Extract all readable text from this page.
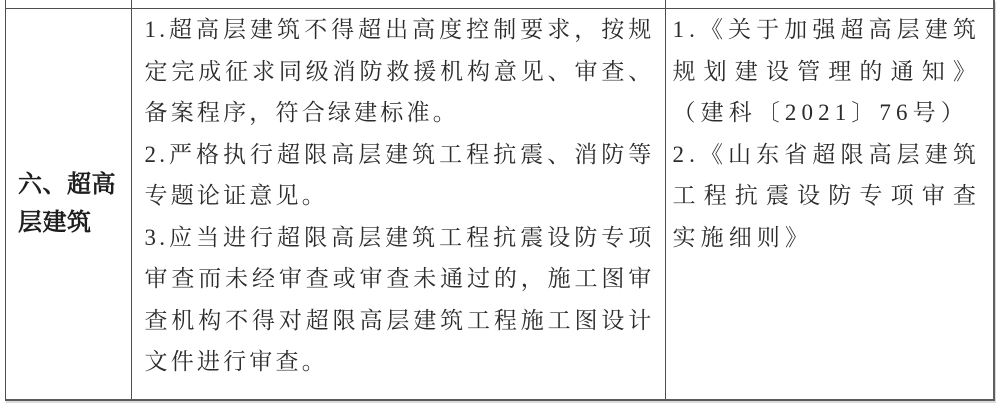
六、超高层建筑

1.超高层建筑不得超出高度控制要求，按规定完成征求同级消防救援机构意见、审查、备案程序，符合绿建标准。

2.严格执行超限高层建筑工程抗震、消防等专题论证意见。

3.应当进行超限高层建筑工程抗震设防专项审查而未经审查或审查未通过的，施工图审查机构不得对超限高层建筑工程施工图设计文件进行审查。

1.《关于加强超高层建筑规划建设管理的通知》（建科〔2021〕76号）

2.《山东省超限高层建筑工程抗震设防专项审查实施细则》
